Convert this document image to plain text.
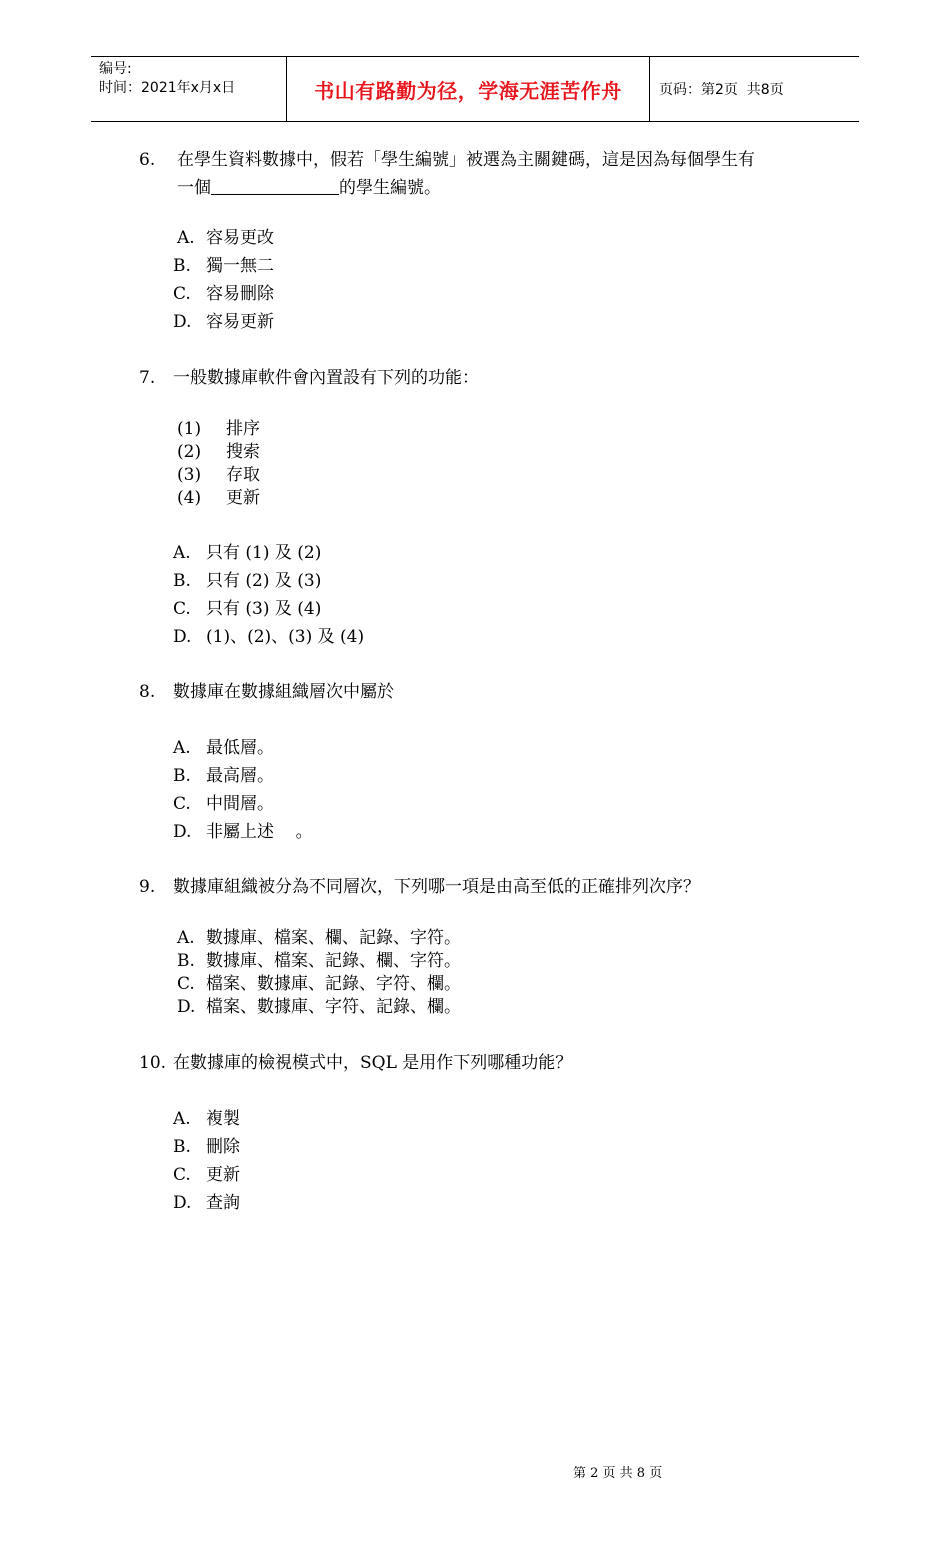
编号:
时间：2021年x月x日	书山有路勤为径，学海无涯苦作舟	页码：第2页  共8页
6. 在學生資料數據中，假若「學生編號」被選為主關鍵碼，這是因為每個學生有
一個	的學生編號。
A. 容易更改
B. 獨一無二
C. 容易刪除
D. 容易更新
7. 一般數據庫軟件會內置設有下列的功能：
(1) 排序
(2) 搜索
(3) 存取
(4) 更新
A. 只有 (1) 及 (2)
B. 只有 (2) 及 (3)
C. 只有 (3) 及 (4)
D. (1)、(2)、(3) 及 (4)
8. 數據庫在數據組織層次中屬於
A. 最低層。
B. 最高層。
C. 中間層。
D. 非屬上述    。
9. 數據庫組織被分為不同層次，下列哪一項是由高至低的正確排列次序？
A. 數據庫、檔案、欄、記錄、字符。
B. 數據庫、檔案、記錄、欄、字符。
C. 檔案、數據庫、記錄、字符、欄。
D. 檔案、數據庫、字符、記錄、欄。
10. 在數據庫的檢視模式中，SQL 是用作下列哪種功能？
A. 複製
B. 刪除
C. 更新
D. 查詢
第 2 页 共 8 页
